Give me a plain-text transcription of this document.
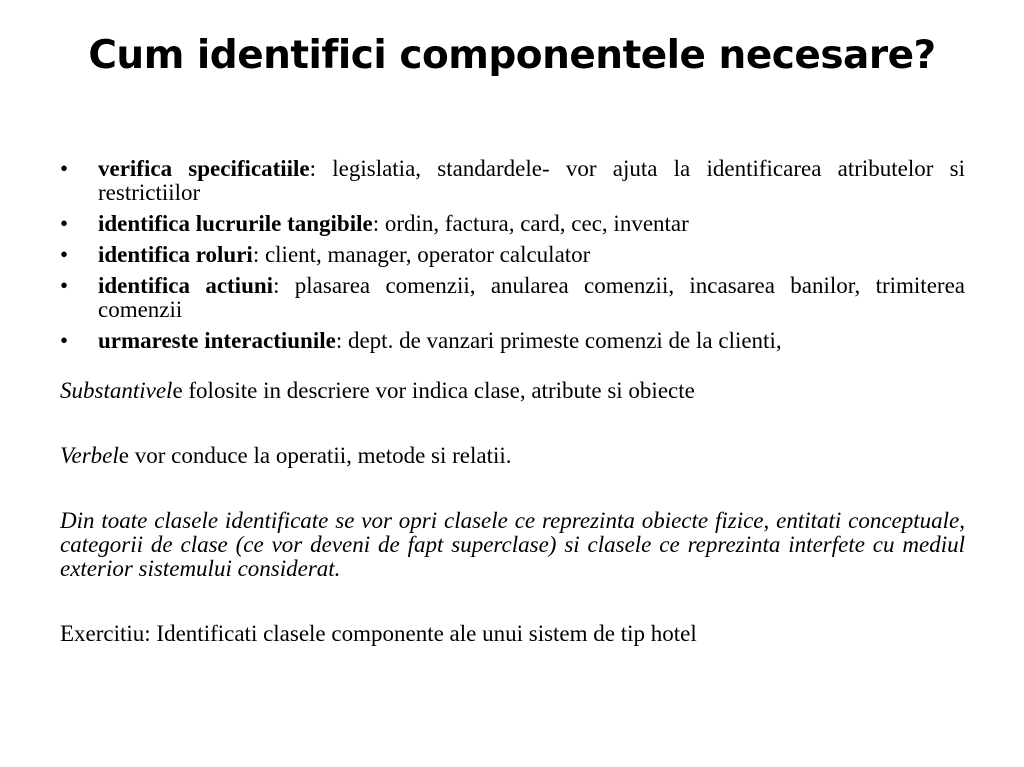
Cum identifici componentele necesare?
• verifica specificatiile: legislatia, standardele- vor ajuta la identificarea atributelor si restrictiilor
• identifica lucrurile tangibile: ordin, factura, card, cec, inventar
• identifica roluri: client, manager, operator calculator
• identifica actiuni: plasarea comenzii, anularea comenzii, incasarea banilor, trimiterea comenzii
• urmareste interactiunile: dept. de vanzari primeste comenzi de la clienti,

Substantivele folosite in descriere vor indica clase, atribute si obiecte

Verbele vor conduce la operatii, metode si relatii.

Din toate clasele identificate se vor opri clasele ce reprezinta obiecte fizice, entitati conceptuale, categorii de clase (ce vor deveni de fapt superclase) si clasele ce reprezinta interfete cu mediul exterior sistemului considerat.

Exercitiu: Identificati clasele componente ale unui sistem de tip hotel
